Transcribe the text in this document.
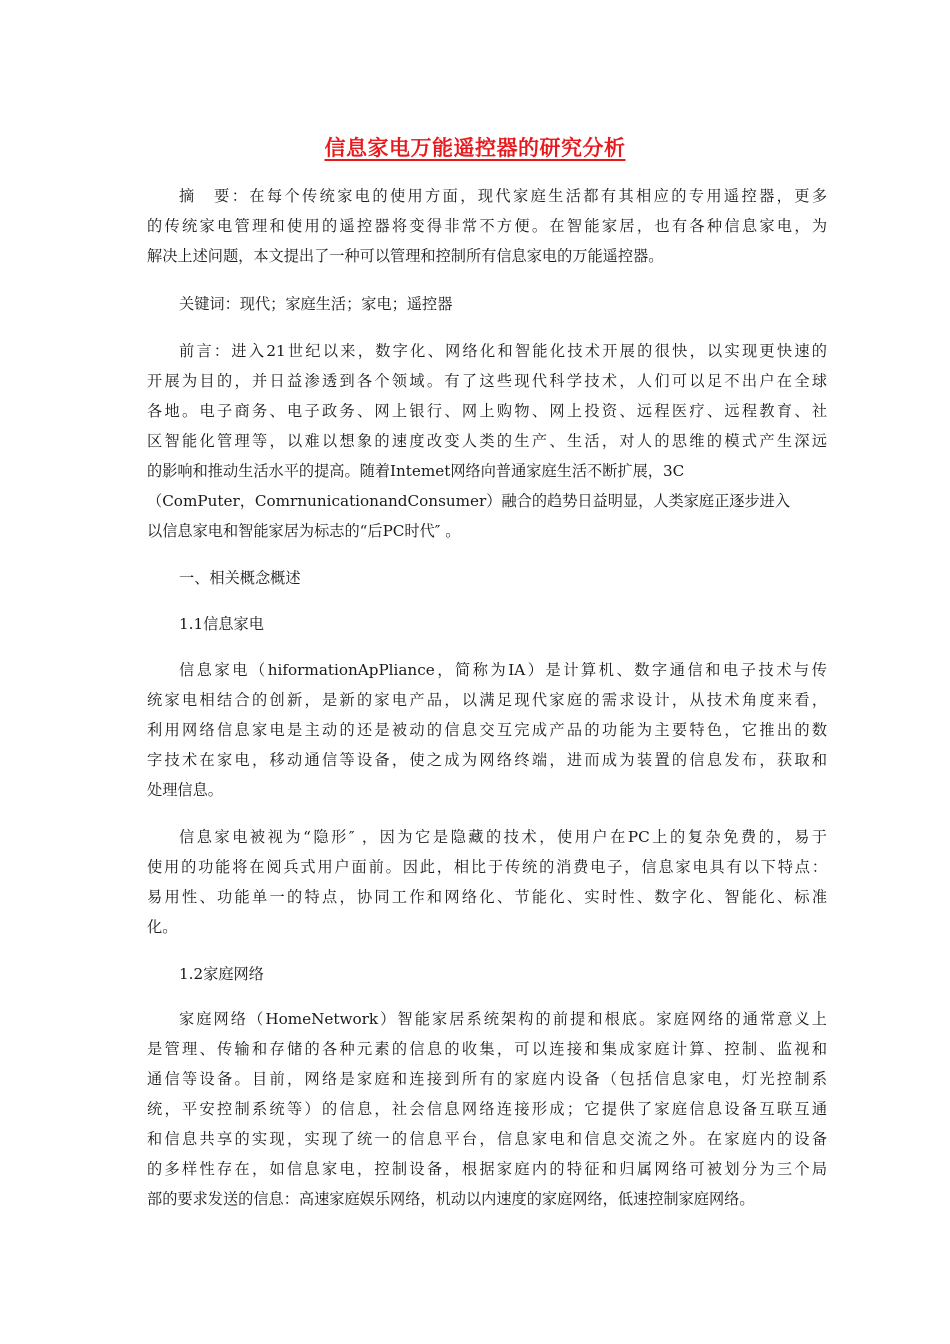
信息家电万能遥控器的研究分析
摘　要：在每个传统家电的使用方面，现代家庭生活都有其相应的专用遥控器，更多
的传统家电管理和使用的遥控器将变得非常不方便。在智能家居，也有各种信息家电，为
解决上述问题，本文提出了一种可以管理和控制所有信息家电的万能遥控器。
关键词：现代；家庭生活；家电；遥控器
前言：进入21世纪以来，数字化、网络化和智能化技术开展的很快，以实现更快速的
开展为目的，并日益渗透到各个领域。有了这些现代科学技术，人们可以足不出户在全球
各地。电子商务、电子政务、网上银行、网上购物、网上投资、远程医疗、远程教育、社
区智能化管理等，以难以想象的速度改变人类的生产、生活，对人的思维的模式产生深远
的影响和推动生活水平的提高。随着Intemet网络向普通家庭生活不断扩展，3C
（ComPuter，ComrnunicationandConsumer）融合的趋势日益明显，人类家庭正逐步进入
以信息家电和智能家居为标志的“后PC时代″ 。
一、相关概念概述
1.1信息家电
信息家电（hiformationApPliance，简称为IA）是计算机、数字通信和电子技术与传
统家电相结合的创新，是新的家电产品，以满足现代家庭的需求设计，从技术角度来看，
利用网络信息家电是主动的还是被动的信息交互完成产品的功能为主要特色，它推出的数
字技术在家电，移动通信等设备，使之成为网络终端，进而成为装置的信息发布，获取和
处理信息。
信息家电被视为“隐形″ ，因为它是隐藏的技术，使用户在PC上的复杂免费的，易于
使用的功能将在阅兵式用户面前。因此，相比于传统的消费电子，信息家电具有以下特点：
易用性、功能单一的特点，协同工作和网络化、节能化、实时性、数字化、智能化、标准
化。
1.2家庭网络
家庭网络（HomeNetwork）智能家居系统架构的前提和根底。家庭网络的通常意义上
是管理、传输和存储的各种元素的信息的收集，可以连接和集成家庭计算、控制、监视和
通信等设备。目前，网络是家庭和连接到所有的家庭内设备（包括信息家电，灯光控制系
统，平安控制系统等）的信息，社会信息网络连接形成；它提供了家庭信息设备互联互通
和信息共享的实现，实现了统一的信息平台，信息家电和信息交流之外。在家庭内的设备
的多样性存在，如信息家电，控制设备，根据家庭内的特征和归属网络可被划分为三个局
部的要求发送的信息：高速家庭娱乐网络，机动以内速度的家庭网络，低速控制家庭网络。
